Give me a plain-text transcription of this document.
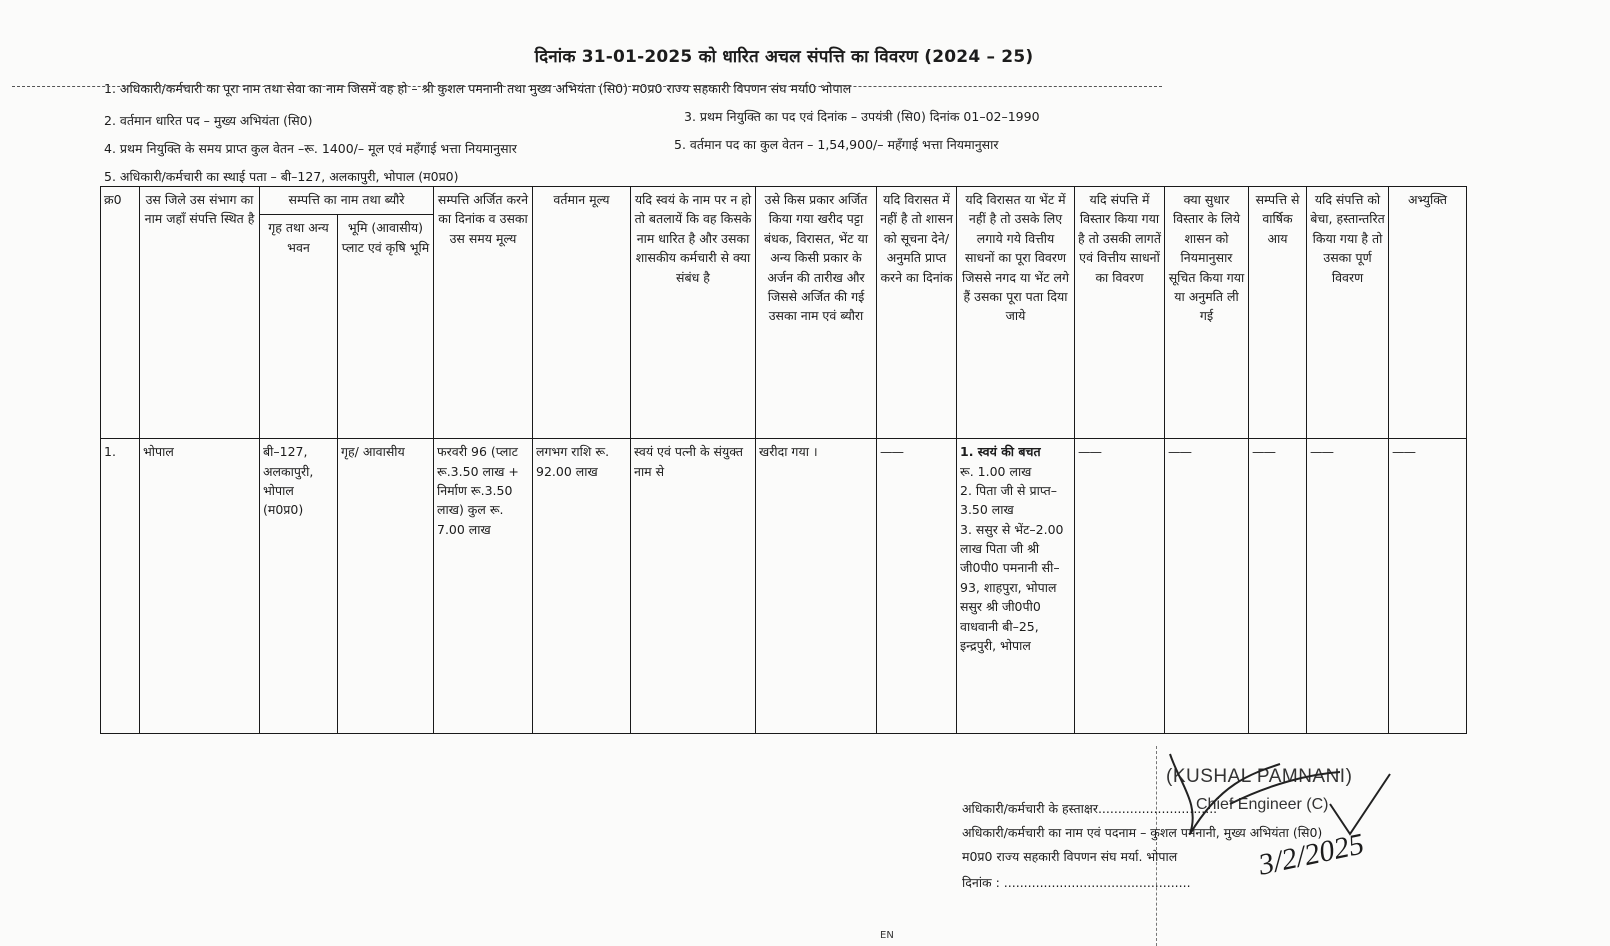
दिनांक 31-01-2025 को धारित अचल संपत्ति का विवरण (2024 – 25)
1. अधिकारी/कर्मचारी का पूरा नाम तथा सेवा का नाम जिसमें वह हो – श्री कुशल पमनानी तथा मुख्य अभियंता (सि0) म0प्र0 राज्य सहकारी विपणन संघ मर्या0 भोपाल
2. वर्तमान धारित पद – मुख्य अभियंता (सि0)	3. प्रथम नियुक्ति का पद एवं दिनांक – उपयंत्री (सि0) दिनांक 01–02–1990
4. प्रथम नियुक्ति के समय प्राप्त कुल वेतन –रू. 1400/– मूल एवं महँगाई भत्ता नियमानुसार	5. वर्तमान पद का कुल वेतन – 1,54,900/– महँगाई भत्ता नियमानुसार
5. अधिकारी/कर्मचारी का स्थाई पता – बी–127, अलकापुरी, भोपाल (म0प्र0)
क्र0	उस जिले उस संभाग का नाम जहाँ संपत्ति स्थित है	सम्पत्ति का नाम तथा ब्यौरे		सम्पत्ति अर्जित करने का दिनांक व उसका उस समय मूल्य	वर्तमान मूल्य	यदि स्वयं के नाम पर न हो तो बतलायें कि वह किसके नाम धारित है और उसका शासकीय कर्मचारी से क्या संबंध है	उसे किस प्रकार अर्जित किया गया खरीद पट्टा बंधक, विरासत, भेंट या अन्य किसी प्रकार के अर्जन की तारीख और जिससे अर्जित की गई उसका नाम एवं ब्यौरा	यदि विरासत में नहीं है तो शासन को सूचना देने/अनुमति प्राप्त करने का दिनांक	यदि विरासत या भेंट में नहीं है तो उसके लिए लगाये गये वित्तीय साधनों का पूरा विवरण जिससे नगद या भेंट लगे हैं उसका पूरा पता दिया जाये	यदि संपत्ति में विस्तार किया गया है तो उसकी लागतें एवं वित्तीय साधनों का विवरण	क्या सुधार विस्तार के लिये शासन को नियमानुसार सूचित किया गया या अनुमति ली गई	सम्पत्ति से वार्षिक आय	यदि संपत्ति को बेचा, हस्तान्तरित किया गया है तो उसका पूर्ण विवरण	अभ्युक्ति
		गृह तथा अन्य भवन	भूमि (आवासीय) प्लाट एवं कृषि भूमि											
1.	भोपाल	बी–127, अलकापुरी, भोपाल (म0प्र0)	गृह/ आवासीय	फरवरी 96 (प्लाट रू.3.50 लाख + निर्माण रू.3.50 लाख) कुल रू. 7.00 लाख	लगभग राशि रू. 92.00 लाख	स्वयं एवं पत्नी के संयुक्त नाम से	खरीदा गया ।	——	1. स्वयं की बचत
रू. 1.00 लाख
2. पिता जी से प्राप्त–3.50 लाख
3. ससुर से भेंट–2.00 लाख पिता जी श्री जी0पी0 पमनानी सी–93, शाहपुरा, भोपाल ससुर श्री जी0पी0 वाधवानी बी–25, इन्द्रपुरी, भोपाल	——	——	——	——	——
(KUSHAL PAMNANI)
Chief Engineer (C)
अधिकारी/कर्मचारी के हस्ताक्षर..............................
अधिकारी/कर्मचारी का नाम एवं पदनाम – कुशल पमनानी, मुख्य अभियंता (सि0)
म0प्र0 राज्य सहकारी विपणन संघ मर्या. भोपाल
दिनांक : ...............................................
3/2/2025
EN
